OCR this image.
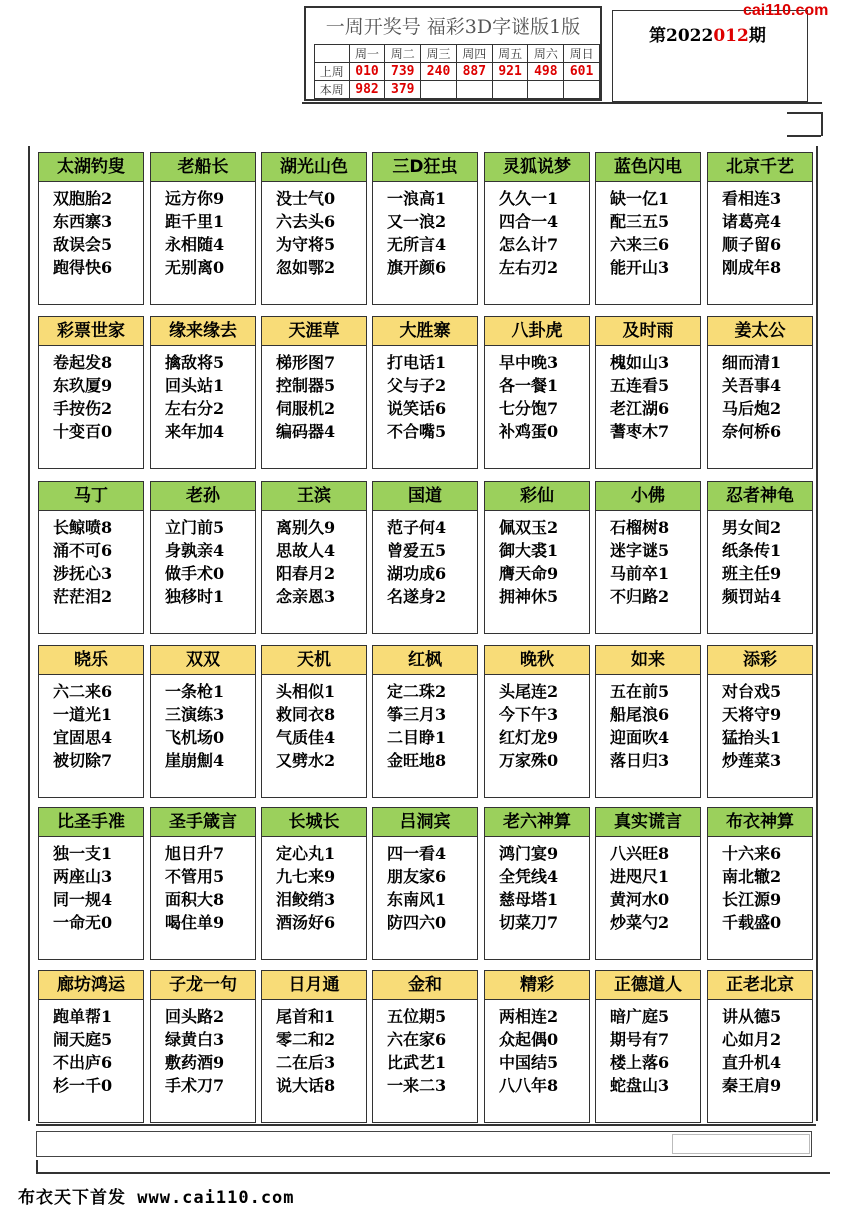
一周开奖号 福彩3D字谜版1版
	周一	周二	周三	周四	周五	周六	周日
上周	010	739	240	887	921	498	601
本周	982	379					
第2022012期
cai110.com
太湖钓叟
双胞胎2
东西寨3
敌误会5
跑得快6
老船长
远方你9
距千里1
永相随4
无别离0
湖光山色
没士气0
六去头6
为守将5
忽如鄂2
三D狂虫
一浪高1
又一浪2
无所言4
旗开颜6
灵狐说梦
久久一1
四合一4
怎么计7
左右刃2
蓝色闪电
缺一亿1
配三五5
六来三6
能开山3
北京千艺
看相连3
诸葛亮4
顺子留6
刚成年8
彩票世家
卷起发8
东玖厦9
手按伤2
十变百0
缘来缘去
擒敌将5
回头站1
左右分2
来年加4
天涯草
梯形图7
控制器5
伺服机2
编码器4
大胜寨
打电话1
父与子2
说笑话6
不合嘴5
八卦虎
早中晚3
各一餐1
七分饱7
补鸡蛋0
及时雨
槐如山3
五连看5
老江湖6
蓍枣木7
姜太公
细而清1
关吾事4
马后炮2
奈何桥6
马丁
长鲸喷8
涌不可6
涉抚心3
茫茫泪2
老孙
立门前5
身孰亲4
做手术0
独移时1
王滨
离别久9
思故人4
阳春月2
念亲恩3
国道
范子何4
曾爱五5
湖功成6
名遂身2
彩仙
佩双玉2
御大裘1
膺天命9
拥神休5
小佛
石榴树8
迷字谜5
马前卒1
不归路2
忍者神龟
男女间2
纸条传1
班主任9
频罚站4
晓乐
六二来6
一道光1
宜固思4
被切除7
双双
一条枪1
三演练3
飞机场0
崖崩劁4
天机
头相似1
救同衣8
气质佳4
又劈水2
红枫
定二珠2
筝三月3
二目睁1
金旺地8
晚秋
头尾连2
今下午3
红灯龙9
万家殊0
如来
五在前5
船尾浪6
迎面吹4
落日归3
添彩
对台戏5
天将守9
猛抬头1
炒莲菜3
比圣手准
独一支1
两座山3
同一规4
一命无0
圣手箴言
旭日升7
不管用5
面积大8
喝住单9
长城长
定心丸1
九七来9
泪鲛绡3
酒汤好6
吕洞宾
四一看4
朋友家6
东南风1
防四六0
老六神算
鸿门宴9
全凭线4
慈母塔1
切菜刀7
真实谎言
八兴旺8
进咫尺1
黄河水0
炒菜勺2
布衣神算
十六来6
南北辙2
长江源9
千载盛0
廊坊鸿运
跑单帮1
闹天庭5
不出庐6
杉一千0
子龙一句
回头路2
绿黄白3
敷药酒9
手术刀7
日月通
尾首和1
零二和2
二在后3
说大话8
金和
五位期5
六在家6
比武艺1
一来二3
精彩
两相连2
众起偶0
中国结5
八八年8
正德道人
暗广庭5
期号有7
楼上落6
蛇盘山3
正老北京
讲从德5
心如月2
直升机4
秦王肩9
布衣天下首发 www.cai110.com
